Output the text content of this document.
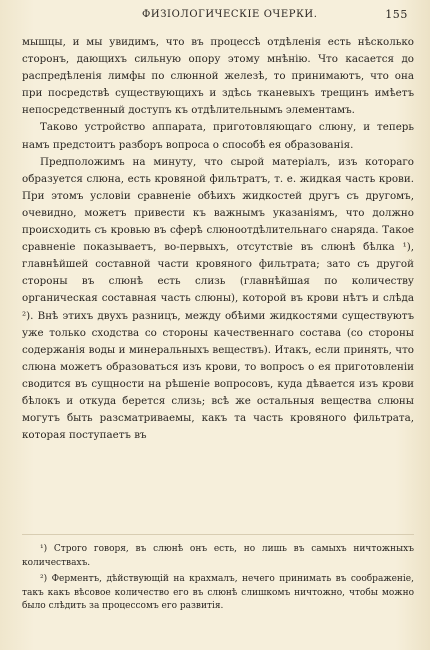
ФИЗІОЛОГИЧЕСКІЕ ОЧЕРКИ.	155

мышцы, и мы увидимъ, что въ процессѣ отдѣленія есть нѣсколько сторонъ, дающихъ сильную опору этому мнѣнію. Что касается до распредѣленія лимфы по слюнной железѣ, то принимаютъ, что она при посредствѣ существующихъ и здѣсь тканевыхъ трещинъ имѣетъ непосредственный доступъ къ отдѣлительнымъ элементамъ.

Таково устройство аппарата, приготовляющаго слюну, и теперь намъ предстоитъ разборъ вопроса о способѣ ея образованія.

Предположимъ на минуту, что сырой матеріалъ, изъ котораго образуется слюна, есть кровяной фильтратъ, т. е. жидкая часть крови. При этомъ условіи сравненіе обѣихъ жидкостей другъ съ другомъ, очевидно, можетъ привести къ важнымъ указаніямъ, что должно происходить съ кровью въ сферѣ слюноотдѣлительнаго снаряда. Такое сравненіе показываетъ, во-первыхъ, отсутствіе въ слюнѣ бѣлка ¹), главнѣйшей составной части кровяного фильтрата; зато съ другой стороны въ слюнѣ есть слизь (главнѣйшая по количеству органическая составная часть слюны), которой въ крови нѣтъ и слѣда ²). Внѣ этихъ двухъ разницъ, между обѣими жидкостями существуютъ уже только сходства со стороны качественнаго состава (со стороны содержанія воды и минеральныхъ веществъ). Итакъ, если принять, что слюна можетъ образоваться изъ крови, то вопросъ о ея приготовленіи сводится въ сущности на рѣшеніе вопросовъ, куда дѣвается изъ крови бѣлокъ и откуда берется слизь; всѣ же остальныя вещества слюны могутъ быть разсматриваемы, какъ та часть кровяного фильтрата, которая поступаетъ въ

¹) Строго говоря, въ слюнѣ онъ есть, но лишь въ самыхъ ничтожныхъ количествахъ.

²) Ферментъ, дѣйствующій на крахмалъ, нечего принимать въ соображеніе, такъ какъ вѣсовое количество его въ слюнѣ слишкомъ ничтожно, чтобы можно было слѣдить за процессомъ его развитія.
